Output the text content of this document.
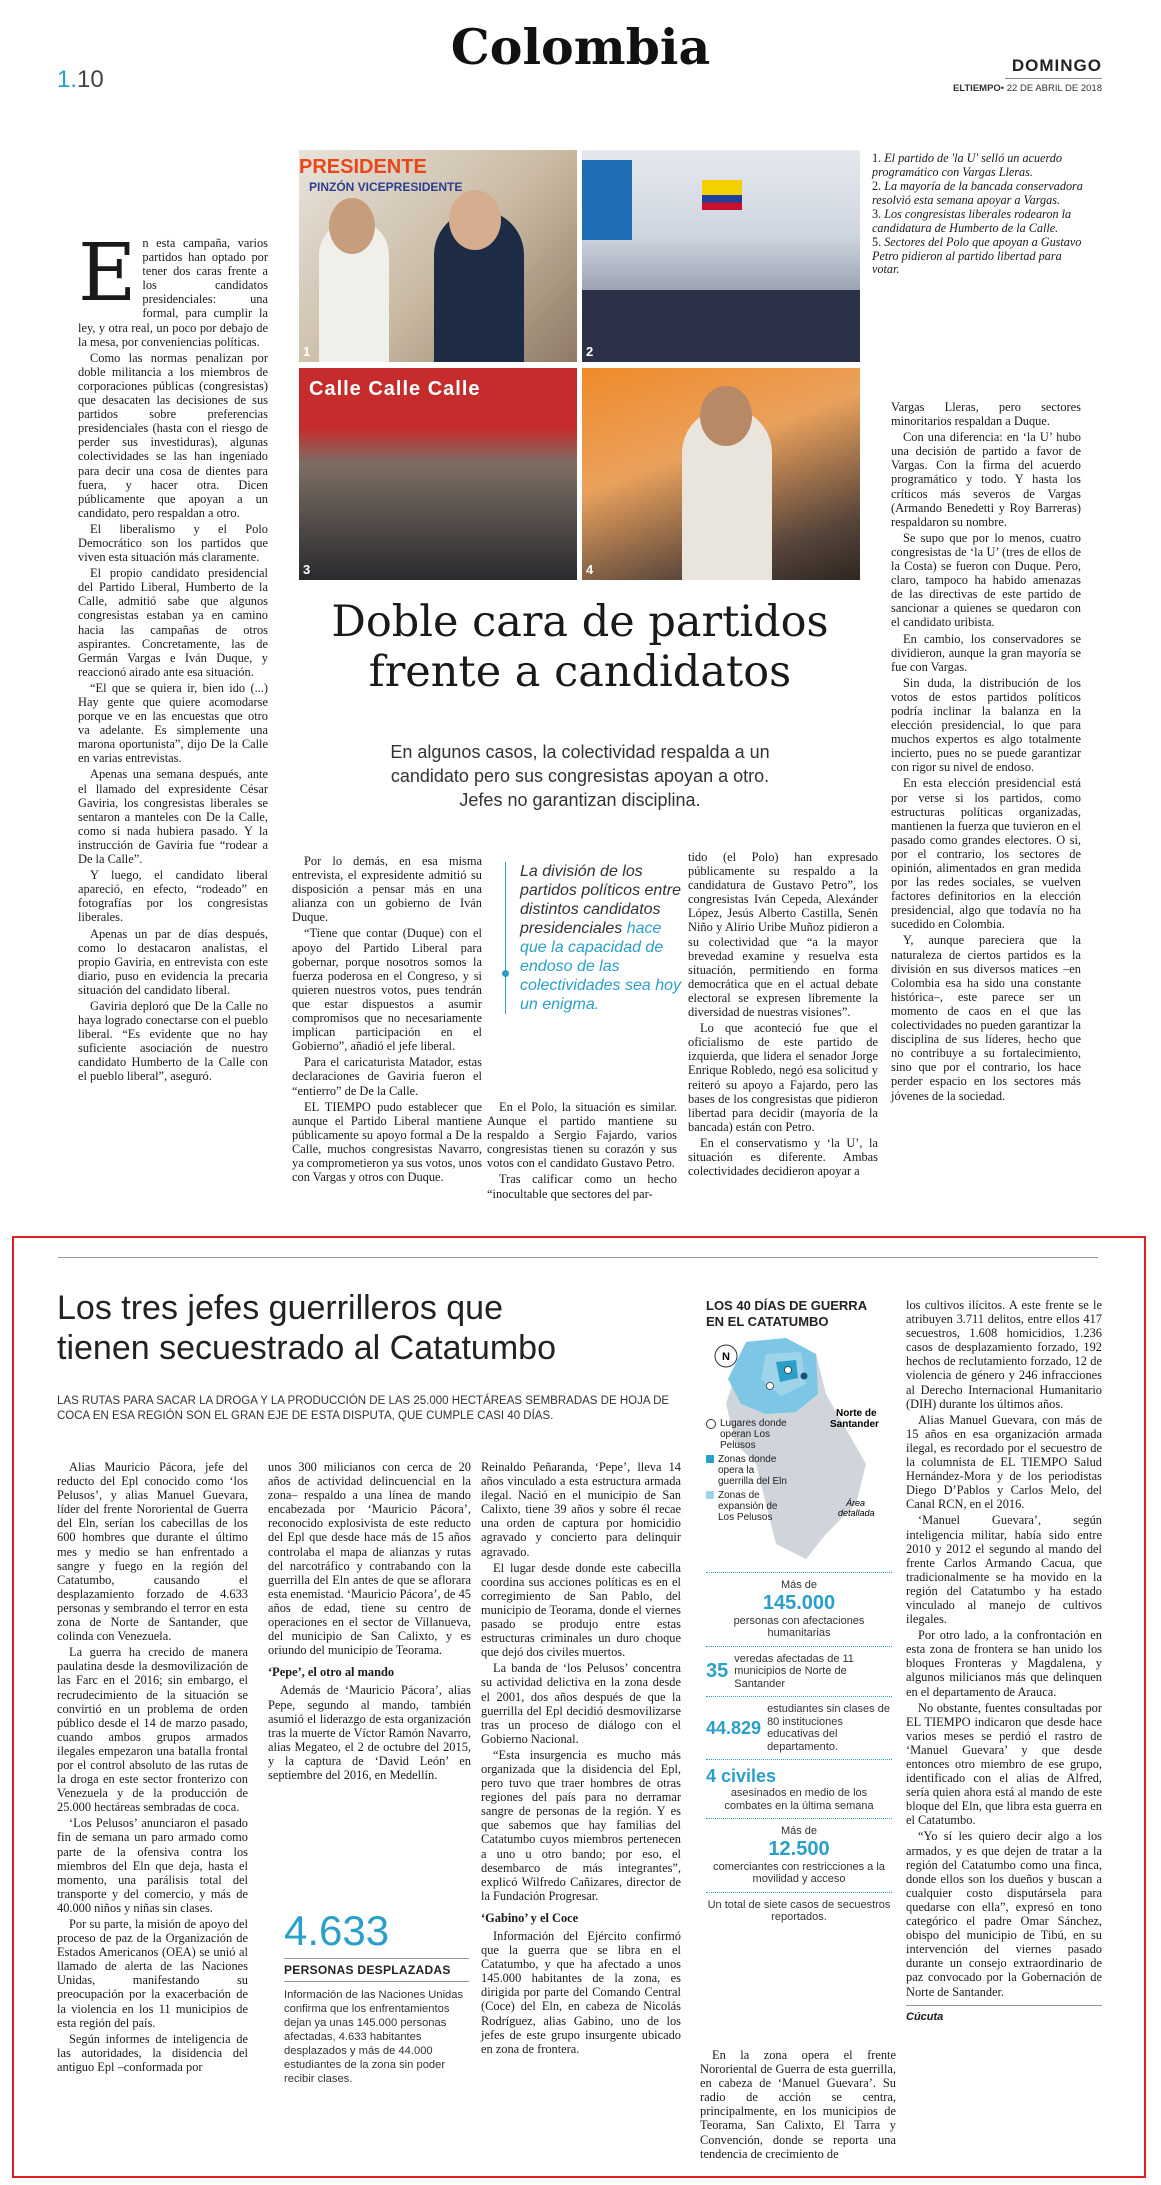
1.10
Colombia	DOMINGO
ELTIEMPO• 22 DE ABRIL DE 2018
PRESIDENTE
PINZÓN VICEPRESIDENTE
1	2
Calle Calle Calle
3	4
1. El partido de 'la U' selló un acuerdo programático con Vargas Lleras.
2. La mayoría de la bancada conservadora resolvió esta semana apoyar a Vargas.
3. Los congresistas liberales rodearon la candidatura de Humberto de la Calle.
5. Sectores del Polo que apoyan a Gustavo Petro pidieron al partido libertad para votar.
Doble cara de partidos
frente a candidatos
En algunos casos, la colectividad respalda a un
candidato pero sus congresistas apoyan a otro.
Jefes no garantizan disciplina.

En esta campaña, varios partidos han optado por tener dos caras frente a los candidatos presidenciales: una formal, para cumplir la ley, y otra real, un poco por debajo de la mesa, por conveniencias políticas.

Como las normas penalizan por doble militancia a los miembros de corporaciones públicas (congresistas) que desacaten las decisiones de sus partidos sobre preferencias presidenciales (hasta con el riesgo de perder sus investiduras), algunas colectividades se las han ingeniado para decir una cosa de dientes para fuera, y hacer otra. Dicen públicamente que apoyan a un candidato, pero respaldan a otro.

El liberalismo y el Polo Democrático son los partidos que viven esta situación más claramente.

El propio candidato presidencial del Partido Liberal, Humberto de la Calle, admitió sabe que algunos congresistas estaban ya en camino hacia las campañas de otros aspirantes. Concretamente, las de Germán Vargas e Iván Duque, y reaccionó airado ante esa situación.

“El que se quiera ir, bien ido (...) Hay gente que quiere acomodarse porque ve en las encuestas que otro va adelante. Es simplemente una marona oportunista”, dijo De la Calle en varias entrevistas.

Apenas una semana después, ante el llamado del expresidente César Gaviria, los congresistas liberales se sentaron a manteles con De la Calle, como si nada hubiera pasado. Y la instrucción de Gaviria fue “rodear a De la Calle”.

Y luego, el candidato liberal apareció, en efecto, “rodeado” en fotografías por los congresistas liberales.

Apenas un par de días después, como lo destacaron analistas, el propio Gaviria, en entrevista con este diario, puso en evidencia la precaria situación del candidato liberal.

Gaviria deploró que De la Calle no haya logrado conectarse con el pueblo liberal. “Es evidente que no hay suficiente asociación de nuestro candidato Humberto de la Calle con el pueblo liberal”, aseguró.

Por lo demás, en esa misma entrevista, el expresidente admitió su disposición a pensar más en una alianza con un gobierno de Iván Duque.

“Tiene que contar (Duque) con el apoyo del Partido Liberal para gobernar, porque nosotros somos la fuerza poderosa en el Congreso, y si quieren nuestros votos, pues tendrán que estar dispuestos a asumir compromisos que no necesariamente implican participación en el Gobierno”, añadió el jefe liberal.

Para el caricaturista Matador, estas declaraciones de Gaviria fueron el “entierro” de De la Calle.

EL TIEMPO pudo establecer que aunque el Partido Liberal mantiene públicamente su apoyo formal a De la Calle, muchos congresistas Navarro, ya comprometieron ya sus votos, unos con Vargas y otros con Duque.

La división de los partidos políticos entre distintos candidatos presidenciales hace que la capacidad de endoso de las colectividades sea hoy un enigma.

En el Polo, la situación es similar. Aunque el partido mantiene su respaldo a Sergio Fajardo, varios congresistas tienen su corazón y sus votos con el candidato Gustavo Petro.

Tras calificar como un hecho “inocultable que sectores del par-

tido (el Polo) han expresado públicamente su respaldo a la candidatura de Gustavo Petro”, los congresistas Iván Cepeda, Alexánder López, Jesús Alberto Castilla, Senén Niño y Alirio Uribe Muñoz pidieron a su colectividad que “a la mayor brevedad examine y resuelva esta situación, permitiendo en forma democrática que en el actual debate electoral se expresen libremente la diversidad de nuestras visiones”.

Lo que aconteció fue que el oficialismo de este partido de izquierda, que lidera el senador Jorge Enrique Robledo, negó esa solicitud y reiteró su apoyo a Fajardo, pero las bases de los congresistas que pidieron libertad para decidir (mayoría de la bancada) están con Petro.

En el conservatismo y ‘la U’, la situación es diferente. Ambas colectividades decidieron apoyar a

Vargas Lleras, pero sectores minoritarios respaldan a Duque.

Con una diferencia: en ‘la U’ hubo una decisión de partido a favor de Vargas. Con la firma del acuerdo programático y todo. Y hasta los críticos más severos de Vargas (Armando Benedetti y Roy Barreras) respaldaron su nombre.

Se supo que por lo menos, cuatro congresistas de ‘la U’ (tres de ellos de la Costa) se fueron con Duque. Pero, claro, tampoco ha habido amenazas de las directivas de este partido de sancionar a quienes se quedaron con el candidato uribista.

En cambio, los conservadores se dividieron, aunque la gran mayoría se fue con Vargas.

Sin duda, la distribución de los votos de estos partidos políticos podría inclinar la balanza en la elección presidencial, lo que para muchos expertos es algo totalmente incierto, pues no se puede garantizar con rigor su nivel de endoso.

En esta elección presidencial está por verse si los partidos, como estructuras políticas organizadas, mantienen la fuerza que tuvieron en el pasado como grandes electores. O si, por el contrario, los sectores de opinión, alimentados en gran medida por las redes sociales, se vuelven factores definitorios en la elección presidencial, algo que todavía no ha sucedido en Colombia.

Y, aunque pareciera que la naturaleza de ciertos partidos es la división en sus diversos matices –en Colombia esa ha sido una constante histórica–, este parece ser un momento de caos en el que las colectividades no pueden garantizar la disciplina de sus líderes, hecho que no contribuye a su fortalecimiento, sino que por el contrario, los hace perder espacio en los sectores más jóvenes de la sociedad.

Los tres jefes guerrilleros que
tienen secuestrado al Catatumbo
LAS RUTAS PARA SACAR LA DROGA Y LA PRODUCCIÓN DE LAS 25.000 HECTÁREAS SEMBRADAS DE HOJA DE COCA EN ESA REGIÓN SON EL GRAN EJE DE ESTA DISPUTA, QUE CUMPLE CASI 40 DÍAS.

Alias Mauricio Pácora, jefe del reducto del Epl conocido como ‘los Pelusos’, y alias Manuel Guevara, líder del frente Nororiental de Guerra del Eln, serían los cabecillas de los 600 hombres que durante el último mes y medio se han enfrentado a sangre y fuego en la región del Catatumbo, causando el desplazamiento forzado de 4.633 personas y sembrando el terror en esta zona de Norte de Santander, que colinda con Venezuela.

La guerra ha crecido de manera paulatina desde la desmovilización de las Farc en el 2016; sin embargo, el recrudecimiento de la situación se convirtió en un problema de orden público desde el 14 de marzo pasado, cuando ambos grupos armados ilegales empezaron una batalla frontal por el control absoluto de las rutas de la droga en este sector fronterizo con Venezuela y de la producción de 25.000 hectáreas sembradas de coca.

‘Los Pelusos’ anunciaron el pasado fin de semana un paro armado como parte de la ofensiva contra los miembros del Eln que deja, hasta el momento, una parálisis total del transporte y del comercio, y más de 40.000 niños y niñas sin clases.

Por su parte, la misión de apoyo del proceso de paz de la Organización de Estados Americanos (OEA) se unió al llamado de alerta de las Naciones Unidas, manifestando su preocupación por la exacerbación de la violencia en los 11 municipios de esta región del país.

Según informes de inteligencia de las autoridades, la disidencia del antiguo Epl –conformada por

unos 300 milicianos con cerca de 20 años de actividad delincuencial en la zona– respaldo a una línea de mando encabezada por ‘Mauricio Pácora’, reconocido explosivista de este reducto del Epl que desde hace más de 15 años controlaba el mapa de alianzas y rutas del narcotráfico y contrabando con la guerrilla del Eln antes de que se aflorara esta enemistad. ‘Mauricio Pácora’, de 45 años de edad, tiene su centro de operaciones en el sector de Villanueva, del municipio de San Calixto, y es oriundo del municipio de Teorama.

‘Pepe’, el otro al mando

Además de ‘Mauricio Pácora’, alias Pepe, segundo al mando, también asumió el liderazgo de esta organización tras la muerte de Víctor Ramón Navarro, alias Megateo, el 2 de octubre del 2015, y la captura de ‘David León’ en septiembre del 2016, en Medellín.

4.633
PERSONAS DESPLAZADAS
Información de las Naciones Unidas confirma que los enfrentamientos dejan ya unas 145.000 personas afectadas, 4.633 habitantes desplazados y más de 44.000 estudiantes de la zona sin poder recibir clases.

Reinaldo Peñaranda, ‘Pepe’, lleva 14 años vinculado a esta estructura armada ilegal. Nació en el municipio de San Calixto, tiene 39 años y sobre él recae una orden de captura por homicidio agravado y concierto para delinquir agravado.

El lugar desde donde este cabecilla coordina sus acciones políticas es en el corregimiento de San Pablo, del municipio de Teorama, donde el viernes pasado se produjo entre estas estructuras criminales un duro choque que dejó dos civiles muertos.

La banda de ‘los Pelusos’ concentra su actividad delictiva en la zona desde el 2001, dos años después de que la guerrilla del Epl decidió desmovilizarse tras un proceso de diálogo con el Gobierno Nacional.

“Esta insurgencia es mucho más organizada que la disidencia del Epl, pero tuvo que traer hombres de otras regiones del país para no derramar sangre de personas de la región. Y es que sabemos que hay familias del Catatumbo cuyos miembros pertenecen a uno u otro bando; por eso, el desembarco de más integrantes”, explicó Wilfredo Cañizares, director de la Fundación Progresar.

‘Gabino’ y el Coce

Información del Ejército confirmó que la guerra que se libra en el Catatumbo, y que ha afectado a unos 145.000 habitantes de la zona, es dirigida por parte del Comando Central (Coce) del Eln, en cabeza de Nicolás Rodríguez, alias Gabino, uno de los jefes de este grupo insurgente ubicado en zona de frontera.

LOS 40 DÍAS DE GUERRA
EN EL CATATUMBO
N
Norte de
Santander
Área
detallada
Lugares donde operan Los Pelusos
Zonas donde opera la guerrilla del Eln
Zonas de expansión de Los Pelusos
Más de
145.000
personas con afectaciones humanitarias
35
veredas afectadas de 11 municipios de Norte de Santander
44.829
estudiantes sin clases de 80 instituciones educativas del departamento.
4 civiles
asesinados en medio de los combates en la última semana
Más de
12.500
comerciantes con restricciones a la movilidad y acceso
Un total de siete casos de secuestros reportados.

En la zona opera el frente Nororiental de Guerra de esta guerrilla, en cabeza de ‘Manuel Guevara’. Su radio de acción se centra, principalmente, en los municipios de Teorama, San Calixto, El Tarra y Convención, donde se reporta una tendencia de crecimiento de

los cultivos ilícitos. A este frente se le atribuyen 3.711 delitos, entre ellos 417 secuestros, 1.608 homicidios, 1.236 casos de desplazamiento forzado, 192 hechos de reclutamiento forzado, 12 de violencia de género y 246 infracciones al Derecho Internacional Humanitario (DIH) durante los últimos años.

Alias Manuel Guevara, con más de 15 años en esa organización armada ilegal, es recordado por el secuestro de la columnista de EL TIEMPO Salud Hernández-Mora y de los periodistas Diego D’Pablos y Carlos Melo, del Canal RCN, en el 2016.

‘Manuel Guevara’, según inteligencia militar, había sido entre 2010 y 2012 el segundo al mando del frente Carlos Armando Cacua, que tradicionalmente se ha movido en la región del Catatumbo y ha estado vinculado al manejo de cultivos ilegales.

Por otro lado, a la confrontación en esta zona de frontera se han unido los bloques Fronteras y Magdalena, y algunos milicianos más que delinquen en el departamento de Arauca.

No obstante, fuentes consultadas por EL TIEMPO indicaron que desde hace varios meses se perdió el rastro de ‘Manuel Guevara’ y que desde entonces otro miembro de ese grupo, identificado con el alias de Alfred, sería quien ahora está al mando de este bloque del Eln, que libra esta guerra en el Catatumbo.

“Yo sí les quiero decir algo a los armados, y es que dejen de tratar a la región del Catatumbo como una finca, donde ellos son los dueños y buscan a cualquier costo disputársela para quedarse con ella”, expresó en tono categórico el padre Omar Sánchez, obispo del municipio de Tibú, en su intervención del viernes pasado durante un consejo extraordinario de paz convocado por la Gobernación de Norte de Santander.

Cúcuta
